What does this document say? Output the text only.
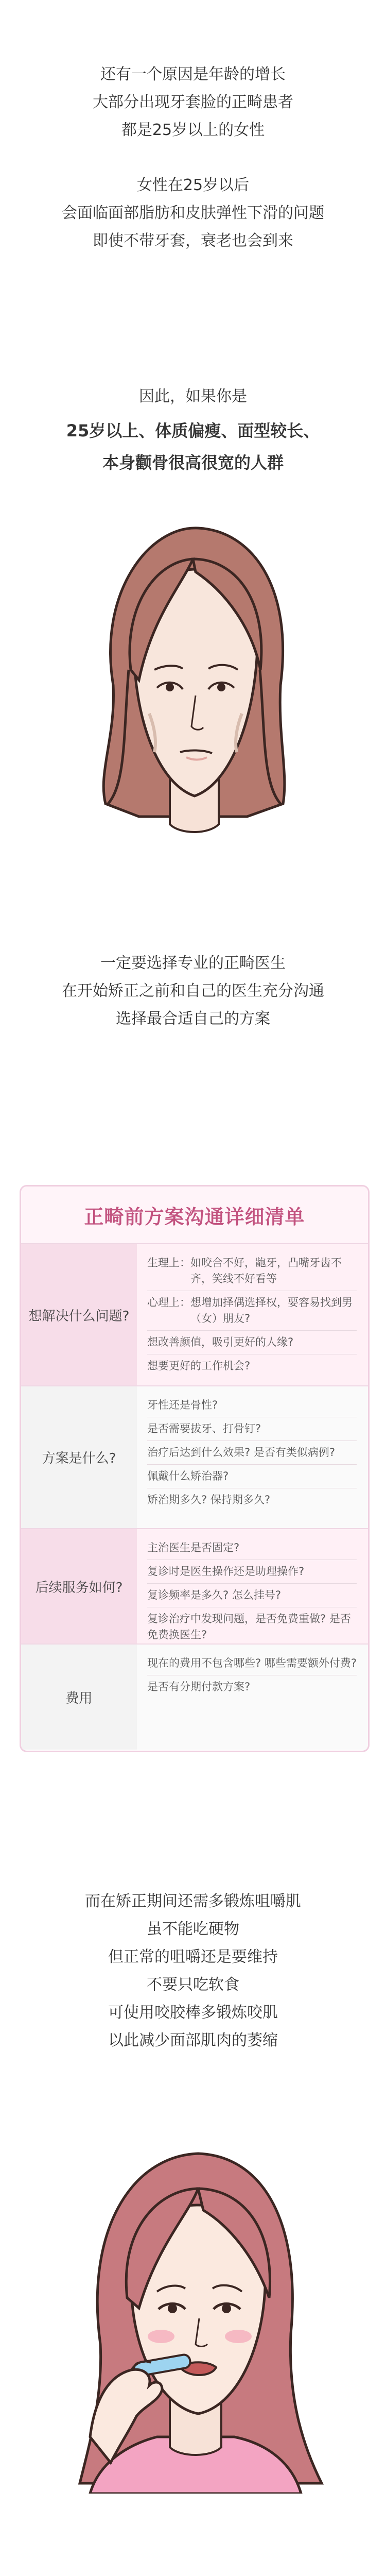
还有一个原因是年龄的增长
大部分出现牙套脸的正畸患者
都是25岁以上的女性
女性在25岁以后
会面临面部脂肪和皮肤弹性下滑的问题
即使不带牙套，衰老也会到来
因此，如果你是
25岁以上、体质偏瘦、面型较长、
本身颧骨很高很宽的人群
一定要选择专业的正畸医生
在开始矫正之前和自己的医生充分沟通
选择最合适自己的方案
正畸前方案沟通详细清单
想解决什么问题?
生理上： 如咬合不好，龅牙，凸嘴牙齿不齐，笑线不好看等
心理上： 想增加择偶选择权，要容易找到男（女）朋友?
想改善颜值，吸引更好的人缘?
想要更好的工作机会?
方案是什么?
牙性还是骨性?
是否需要拔牙、打骨钉?
治疗后达到什么效果? 是否有类似病例?
佩戴什么矫治器?
矫治期多久? 保持期多久?
后续服务如何?
主治医生是否固定?
复诊时是医生操作还是助理操作?
复诊频率是多久? 怎么挂号?
复诊治疗中发现问题，是否免费重做? 是否免费换医生?
费用
现在的费用不包含哪些? 哪些需要额外付费?
是否有分期付款方案?
而在矫正期间还需多锻炼咀嚼肌
虽不能吃硬物
但正常的咀嚼还是要维持
不要只吃软食
可使用咬胶棒多锻炼咬肌
以此减少面部肌肉的萎缩
